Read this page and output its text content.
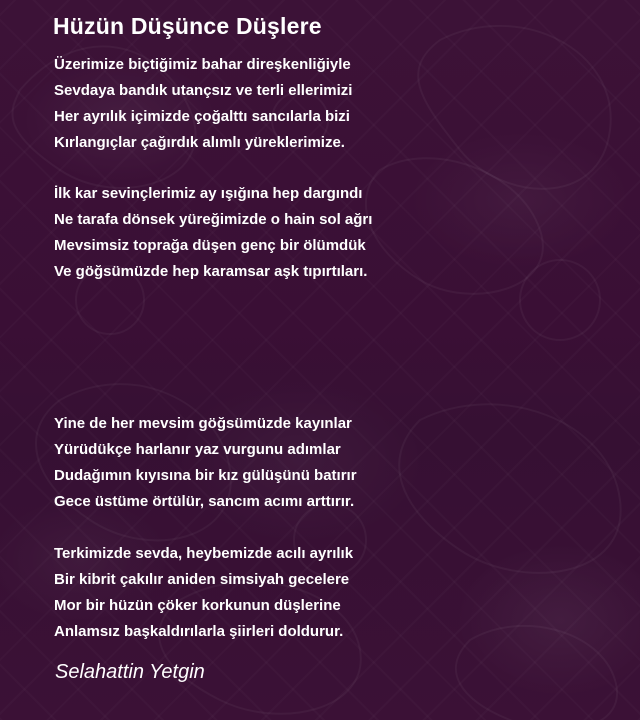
Hüzün Düşünce Düşlere
Üzerimize biçtiğimiz bahar direşkenliğiyle
Sevdaya bandık utançsız ve terli ellerimizi
Her ayrılık içimizde çoğalttı sancılarla bizi
Kırlangıçlar çağırdık alımlı yüreklerimize.
İlk kar sevinçlerimiz ay ışığına hep dargındı
Ne tarafa dönsek yüreğimizde o hain sol ağrı
Mevsimsiz toprağa düşen genç bir ölümdük
Ve göğsümüzde hep karamsar aşk tıpırtıları.
Yine de her mevsim göğsümüzde kayınlar
Yürüdükçe harlanır yaz vurgunu adımlar
Dudağımın kıyısına bir kız gülüşünü batırır
Gece üstüme örtülür, sancım acımı arttırır.
Terkimizde sevda, heybemizde acılı ayrılık
Bir kibrit çakılır aniden simsiyah gecelere
Mor bir hüzün çöker korkunun düşlerine
Anlamsız başkaldırılarla şiirleri doldurur.
Selahattin Yetgin
